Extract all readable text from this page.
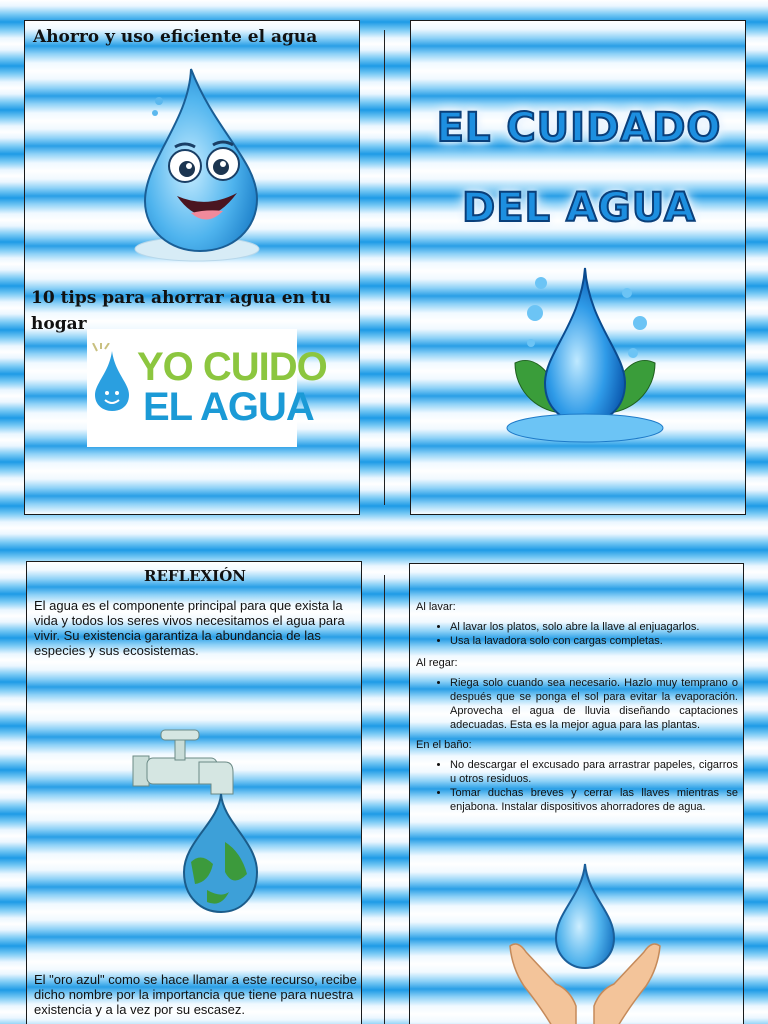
Ahorro y uso eficiente el agua
10 tips para ahorrar agua en tu hogar
YO CUIDO
EL AGUA
EL CUIDADO
DEL AGUA
REFLEXIÓN
El agua es el componente principal para que exista la vida y todos los seres vivos necesitamos el agua para vivir. Su existencia garantiza la abundancia de las especies y sus ecosistemas.
El "oro azul" como se hace llamar a este recurso, recibe dicho nombre por la importancia que tiene para nuestra existencia y a la vez por su escasez.
Al lavar:
• Al lavar los platos, solo abre la llave al enjuagarlos.
• Usa la lavadora solo con cargas completas.
Al regar:
• Riega solo cuando sea necesario. Hazlo muy temprano o después que se ponga el sol para evitar la evaporación. Aprovecha el agua de lluvia diseñando captaciones adecuadas. Esta es la mejor agua para las plantas.
En el baño:
• No descargar el excusado para arrastrar papeles, cigarros u otros residuos.
• Tomar duchas breves y cerrar las llaves mientras se enjabona. Instalar dispositivos ahorradores de agua.
